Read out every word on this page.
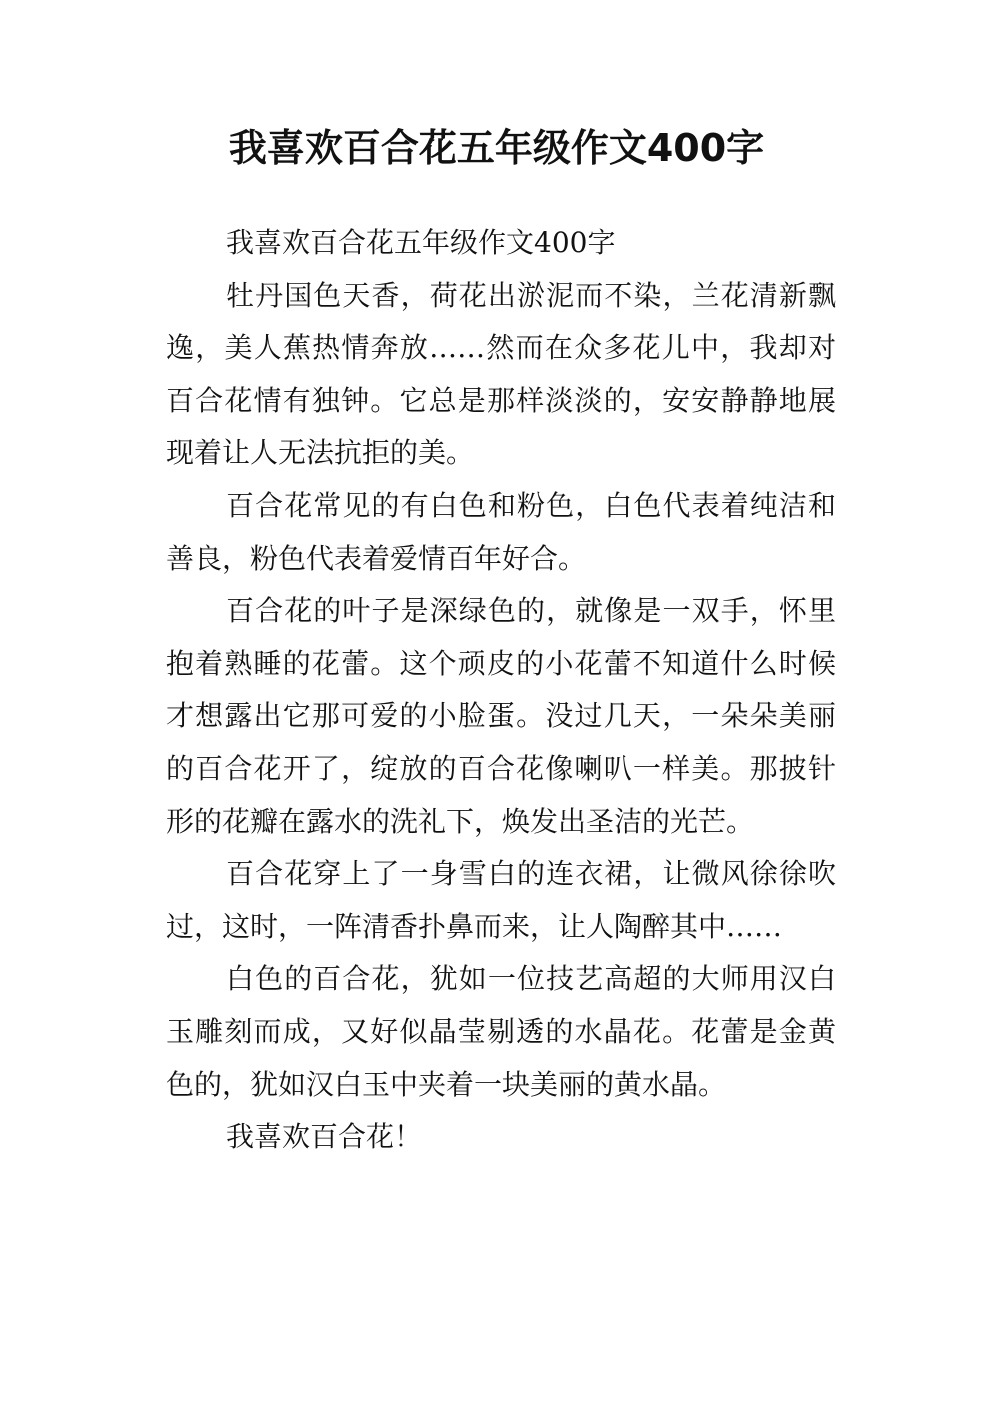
我喜欢百合花五年级作文400字

我喜欢百合花五年级作文400字

牡丹国色天香，荷花出淤泥而不染，兰花清新飘逸，美人蕉热情奔放……然而在众多花儿中，我却对百合花情有独钟。它总是那样淡淡的，安安静静地展现着让人无法抗拒的美。

百合花常见的有白色和粉色，白色代表着纯洁和善良，粉色代表着爱情百年好合。

百合花的叶子是深绿色的，就像是一双手，怀里抱着熟睡的花蕾。这个顽皮的小花蕾不知道什么时候才想露出它那可爱的小脸蛋。没过几天，一朵朵美丽的百合花开了，绽放的百合花像喇叭一样美。那披针形的花瓣在露水的洗礼下，焕发出圣洁的光芒。

百合花穿上了一身雪白的连衣裙，让微风徐徐吹过，这时，一阵清香扑鼻而来，让人陶醉其中……

白色的百合花，犹如一位技艺高超的大师用汉白玉雕刻而成，又好似晶莹剔透的水晶花。花蕾是金黄色的，犹如汉白玉中夹着一块美丽的黄水晶。

我喜欢百合花！
